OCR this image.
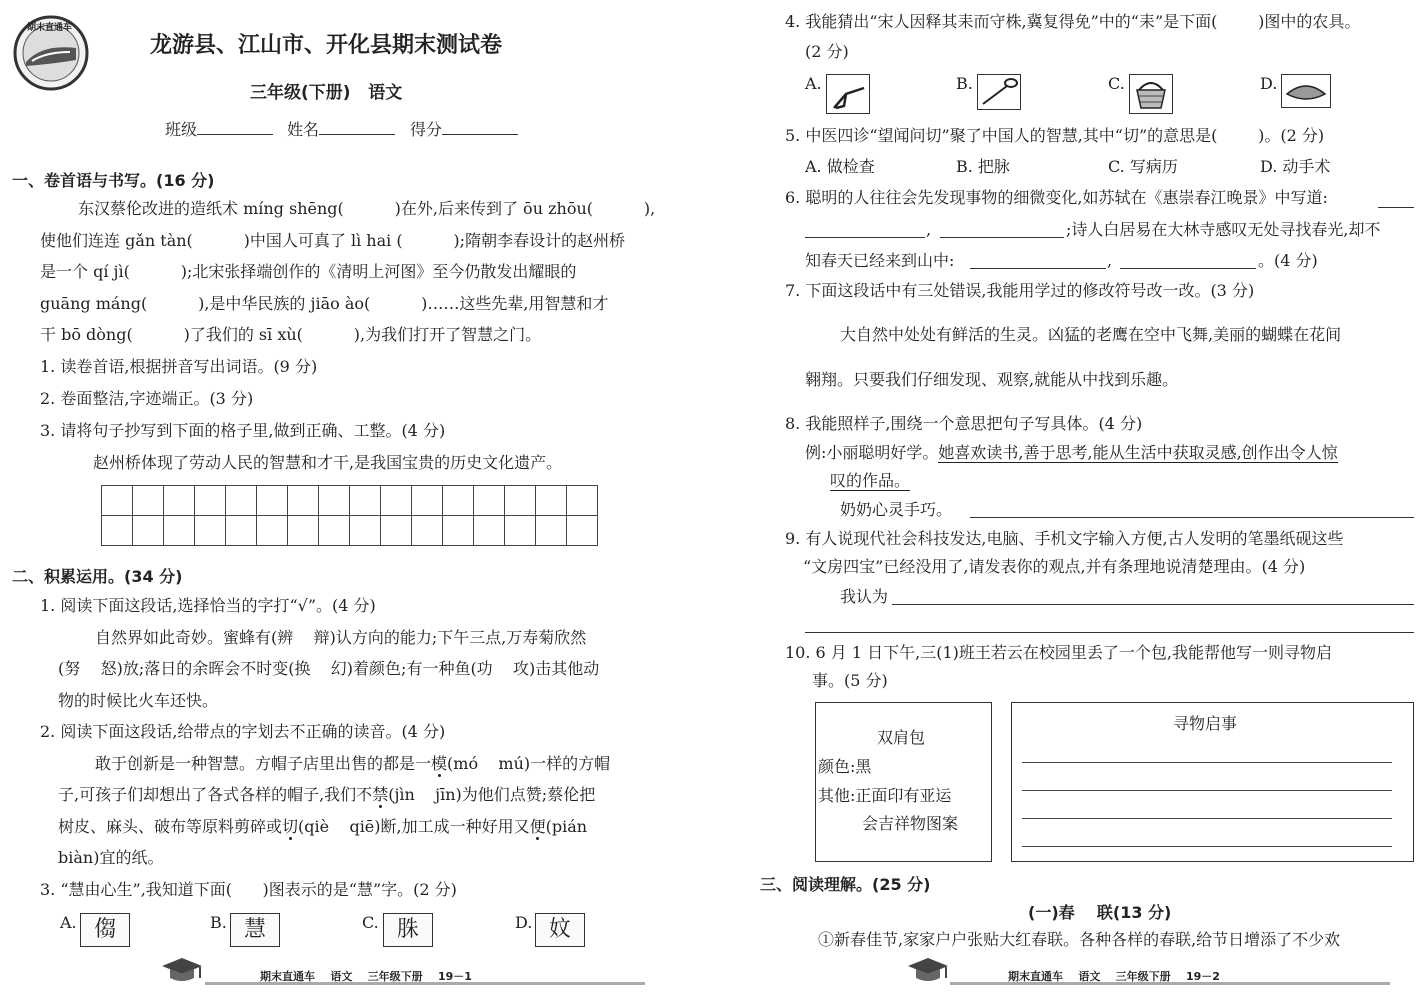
期末直通车
龙游县、江山市、开化县期末测试卷
三年级(下册)   语文
班级	姓名	得分
一、卷首语与书写。(16 分)
东汉蔡伦改进的造纸术 míng shēng(          )在外,后来传到了 ōu zhōu(          ),
使他们连连 gǎn tàn(          )中国人可真了 lì hai (          );隋朝李春设计的赵州桥
是一个 qí jì(          );北宋张择端创作的《清明上河图》至今仍散发出耀眼的
guāng máng(          ),是中华民族的 jiāo ào(          )……这些先辈,用智慧和才
干 bō dòng(          )了我们的 sī xù(          ),为我们打开了智慧之门。
1. 读卷首语,根据拼音写出词语。(9 分)
2. 卷面整洁,字迹端正。(3 分)
3. 请将句子抄写到下面的格子里,做到正确、工整。(4 分)
赵州桥体现了劳动人民的智慧和才干,是我国宝贵的历史文化遗产。

二、积累运用。(34 分)
1. 阅读下面这段话,选择恰当的字打“√”。(4 分)
自然界如此奇妙。蜜蜂有(辨    辩)认方向的能力;下午三点,万寿菊欣然
(努    怒)放;落日的余晖会不时变(换    幻)着颜色;有一种鱼(功    攻)击其他动
物的时候比火车还快。
2. 阅读下面这段话,给带点的字划去不正确的读音。(4 分)
敢于创新是一种智慧。方帽子店里出售的都是一模(mó    mú)一样的方帽
子,可孩子们却想出了各式各样的帽子,我们不禁(jìn    jīn)为他们点赞;蔡伦把
树皮、麻头、破布等原料剪碎或切(qiè    qiē)断,加工成一种好用又便(pián
biàn)宜的纸。
3. “慧由心生”,我知道下面(      )图表示的是“慧”字。(2 分)
A. 㑳	B. 慧	C. 䏭	D. 妏
期末直通车    语文    三年级下册    19－1
4. 我能猜出“宋人因释其耒而守株,冀复得免”中的“耒”是下面(        )图中的农具。
(2 分)
A.	B.	C.	D.
5. 中医四诊“望闻问切”聚了中国人的智慧,其中“切”的意思是(        )。(2 分)
A. 做检查	B. 把脉	C. 写病历	D. 动手术
6. 聪明的人往往会先发现事物的细微变化,如苏轼在《惠崇春江晚景》中写道:
,	;诗人白居易在大林寺感叹无处寻找春光,却不
知春天已经来到山中:	,	。(4 分)
7. 下面这段话中有三处错误,我能用学过的修改符号改一改。(3 分)
大自然中处处有鲜活的生灵。凶猛的老鹰在空中飞舞,美丽的蝴蝶在花间
翱翔。只要我们仔细发现、观察,就能从中找到乐趣。
8. 我能照样子,围绕一个意思把句子写具体。(4 分)
例:小丽聪明好学。她喜欢读书,善于思考,能从生活中获取灵感,创作出令人惊
叹的作品。
奶奶心灵手巧。
9. 有人说现代社会科技发达,电脑、手机文字输入方便,古人发明的笔墨纸砚这些
“文房四宝”已经没用了,请发表你的观点,并有条理地说清楚理由。(4 分)
我认为
10. 6 月 1 日下午,三(1)班王若云在校园里丢了一个包,我能帮他写一则寻物启
事。(5 分)
双肩包
颜色:黑
其他:正面印有亚运
会吉祥物图案
寻物启事
三、阅读理解。(25 分)
(一)春    联(13 分)
①新春佳节,家家户户张贴大红春联。各种各样的春联,给节日增添了不少欢
期末直通车    语文    三年级下册    19－2
